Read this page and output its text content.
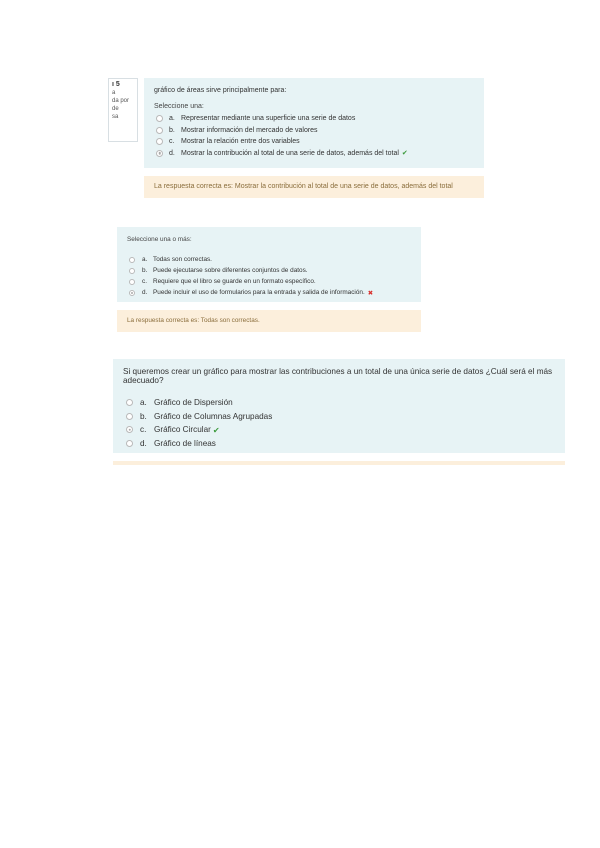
ı 5
a
da por
de
sa
gráfico de áreas sirve principalmente para:
Seleccione una:
a. Representar mediante una superficie una serie de datos
b. Mostrar información del mercado de valores
c. Mostrar la relación entre dos variables
d. Mostrar la contribución al total de una serie de datos, además del total ✔
La respuesta correcta es: Mostrar la contribución al total de una serie de datos, además del total
Seleccione una o más:
a. Todas son correctas.
b. Puede ejecutarse sobre diferentes conjuntos de datos.
c. Requiere que el libro se guarde en un formato específico.
d. Puede incluir el uso de formularios para la entrada y salida de información. ✖
La respuesta correcta es: Todas son correctas.
Si queremos crear un gráfico para mostrar las contribuciones a un total de una única serie de datos ¿Cuál será el más adecuado?
a. Gráfico de Dispersión
b. Gráfico de Columnas Agrupadas
c. Gráfico Circular ✔
d. Gráfico de líneas
